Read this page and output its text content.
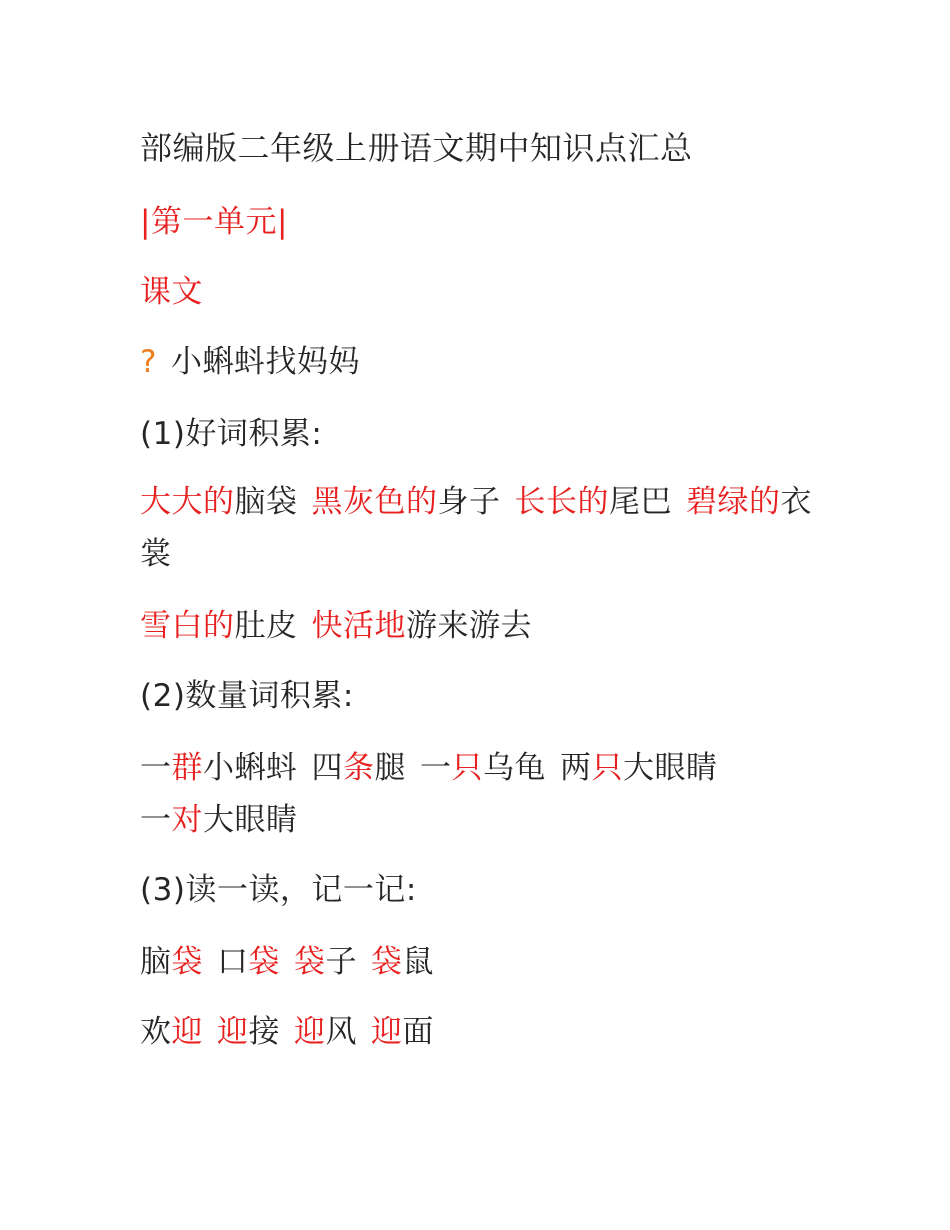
部编版二年级上册语文期中知识点汇总
|第一单元|
课文
? 小蝌蚪找妈妈
(1)好词积累:
大大的脑袋 黑灰色的身子 长长的尾巴 碧绿的衣裳
雪白的肚皮 快活地游来游去
(2)数量词积累:
一群小蝌蚪 四条腿 一只乌龟 两只大眼睛
一对大眼睛
(3)读一读，记一记:
脑袋 口袋 袋子 袋鼠
欢迎 迎接 迎风 迎面
